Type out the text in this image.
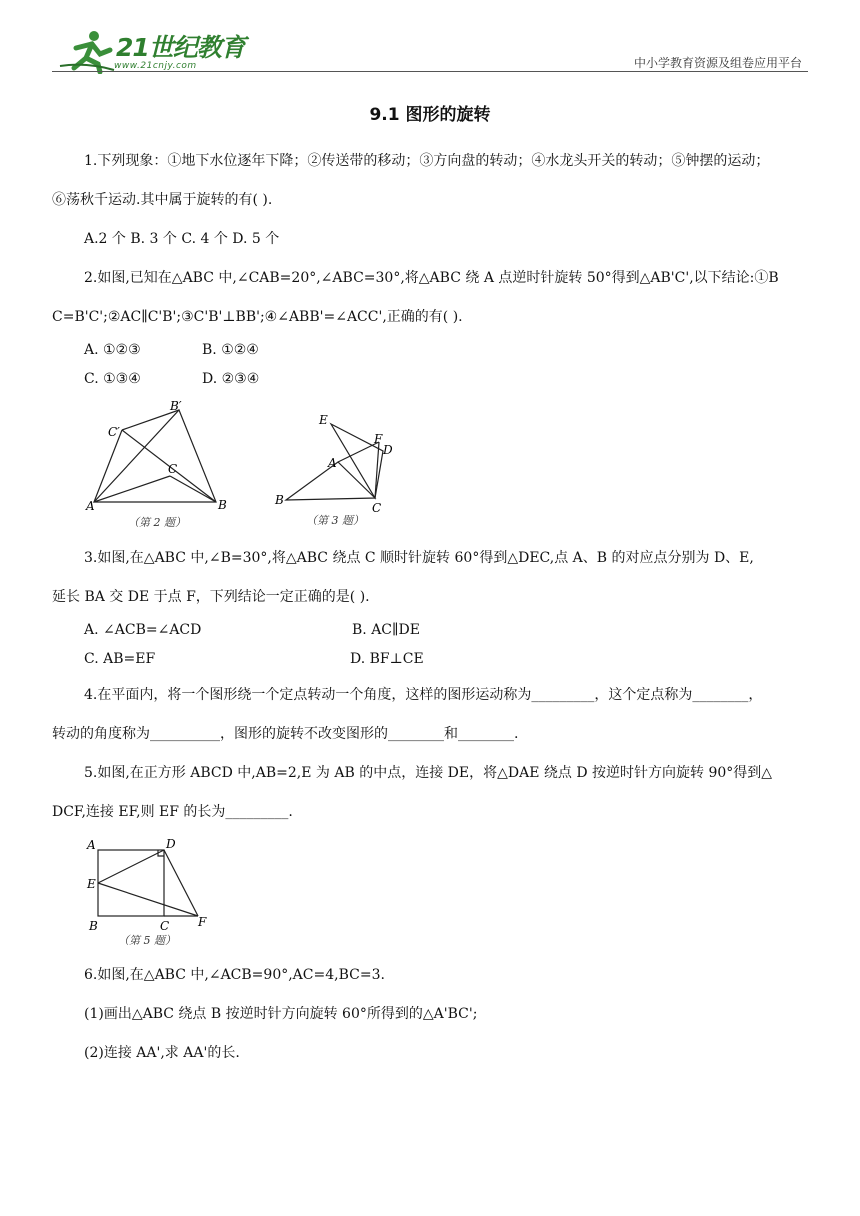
21世纪教育
www.21cnjy.com	中小学教育资源及组卷应用平台
9.1 图形的旋转
1.下列现象：①地下水位逐年下降；②传送带的移动；③方向盘的转动；④水龙头开关的转动；⑤钟摆的运动；
⑥荡秋千运动.其中属于旋转的有( ).
A.2 个 B. 3 个 C. 4 个 D. 5 个
2.如图,已知在△ABC 中,∠CAB=20°,∠ABC=30°,将△ABC 绕 A 点逆时针旋转 50°得到△AB'C',以下结论:①B
C=B'C';②AC∥C'B';③C'B'⊥BB';④∠ABB'=∠ACC',正确的有( ).
A. ①②③	B. ①②④
C. ①③④	D. ②③④
A	B
C
B′
C′
（第 2 题）
B
C
A
D
E
F
（第 3 题）
3.如图,在△ABC 中,∠B=30°,将△ABC 绕点 C 顺时针旋转 60°得到△DEC,点 A、B 的对应点分别为 D、E,
延长 BA 交 DE 于点 F，下列结论一定正确的是( ).
A. ∠ACB=∠ACD	B. AC∥DE
C. AB=EF	D. BF⊥CE
4.在平面内，将一个图形绕一个定点转动一个角度，这样的图形运动称为_________，这个定点称为________，
转动的角度称为__________，图形的旋转不改变图形的________和________.
5.如图,在正方形 ABCD 中,AB=2,E 为 AB 的中点，连接 DE，将△DAE 绕点 D 按逆时针方向旋转 90°得到△
DCF,连接 EF,则 EF 的长为_________.
A	D
E
B	C F
（第 5 题）
6.如图,在△ABC 中,∠ACB=90°,AC=4,BC=3.
(1)画出△ABC 绕点 B 按逆时针方向旋转 60°所得到的△A'BC';
(2)连接 AA',求 AA'的长.
